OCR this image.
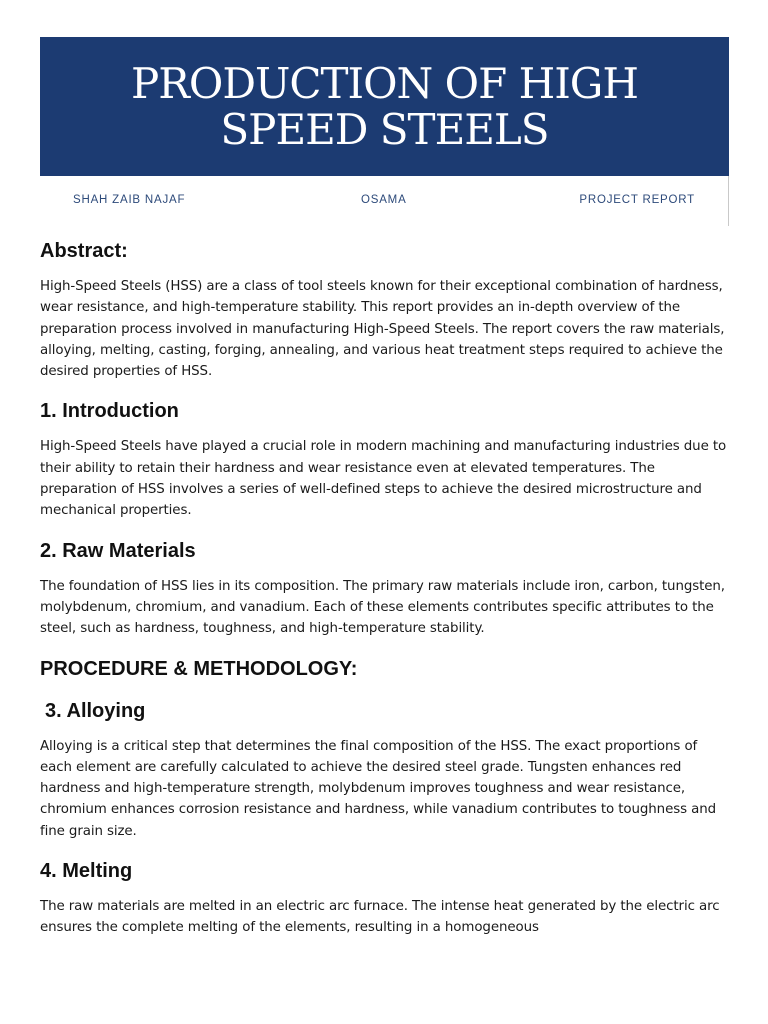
PRODUCTION OF HIGH
SPEED STEELS
SHAH ZAIB NAJAF	OSAMA	PROJECT REPORT
Abstract:

High-Speed Steels (HSS) are a class of tool steels known for their exceptional combination of hardness, wear resistance, and high-temperature stability. This report provides an in-depth overview of the preparation process involved in manufacturing High-Speed Steels. The report covers the raw materials, alloying, melting, casting, forging, annealing, and various heat treatment steps required to achieve the desired properties of HSS.

1. Introduction

High-Speed Steels have played a crucial role in modern machining and manufacturing industries due to their ability to retain their hardness and wear resistance even at elevated temperatures. The preparation of HSS involves a series of well-defined steps to achieve the desired microstructure and mechanical properties.

2. Raw Materials

The foundation of HSS lies in its composition. The primary raw materials include iron, carbon, tungsten, molybdenum, chromium, and vanadium. Each of these elements contributes specific attributes to the steel, such as hardness, toughness, and high-temperature stability.

PROCEDURE & METHODOLOGY:
3. Alloying

Alloying is a critical step that determines the final composition of the HSS. The exact proportions of each element are carefully calculated to achieve the desired steel grade. Tungsten enhances red hardness and high-temperature strength, molybdenum improves toughness and wear resistance, chromium enhances corrosion resistance and hardness, while vanadium contributes to toughness and fine grain size.

4. Melting

The raw materials are melted in an electric arc furnace. The intense heat generated by the electric arc ensures the complete melting of the elements, resulting in a homogeneous
